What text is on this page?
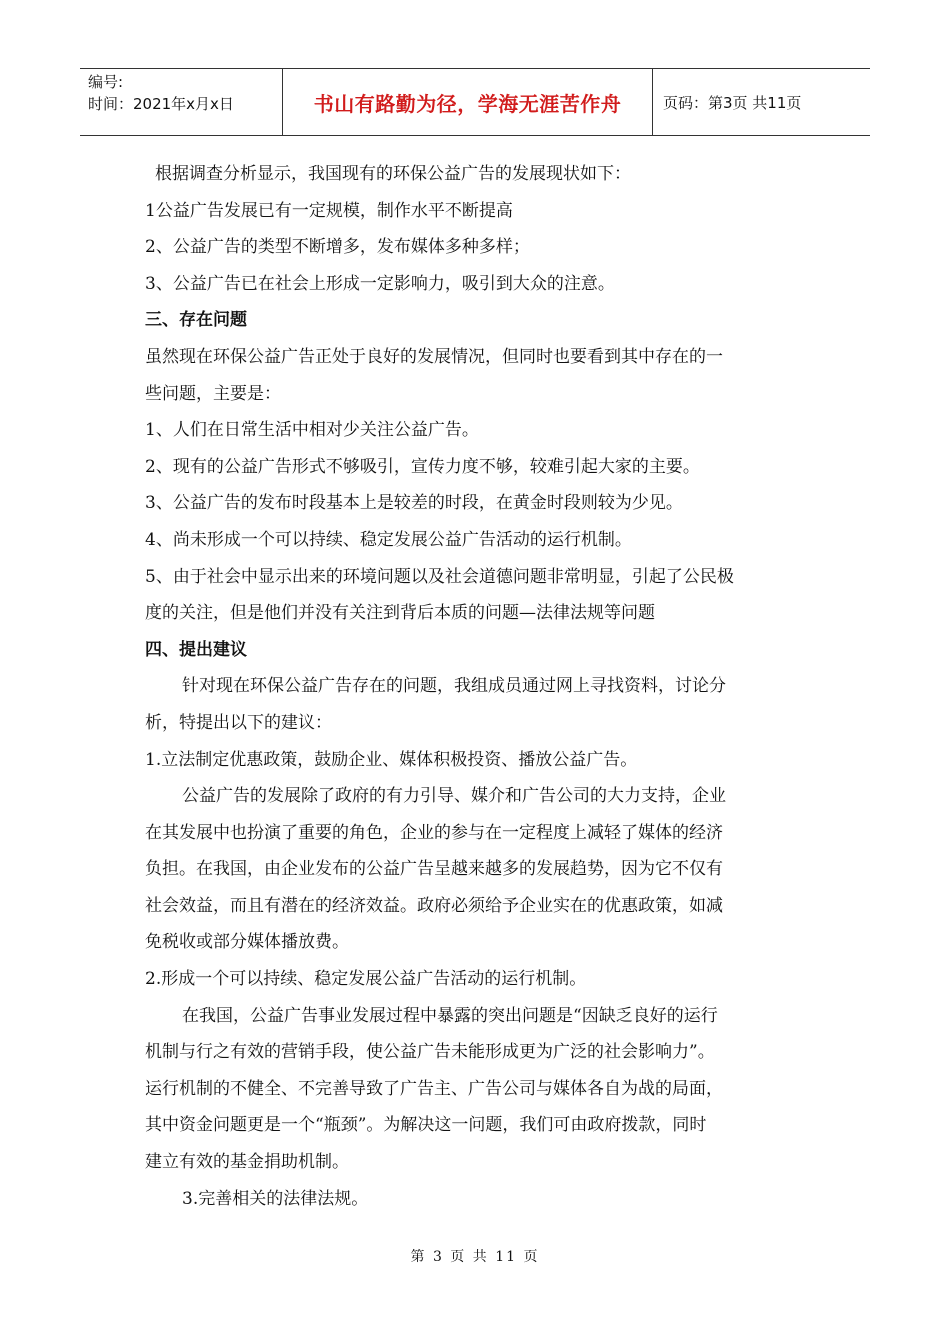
编号:
时间：2021年x月x日	书山有路勤为径，学海无涯苦作舟	页码：第3页 共11页

根据调查分析显示，我国现有的环保公益广告的发展现状如下：

1公益广告发展已有一定规模，制作水平不断提高

2、公益广告的类型不断增多，发布媒体多种多样；

3、公益广告已在社会上形成一定影响力，吸引到大众的注意。

三、存在问题

虽然现在环保公益广告正处于良好的发展情况，但同时也要看到其中存在的一

些问题，主要是：

1、人们在日常生活中相对少关注公益广告。

2、现有的公益广告形式不够吸引，宣传力度不够，较难引起大家的主要。

3、公益广告的发布时段基本上是较差的时段，在黄金时段则较为少见。

4、尚未形成一个可以持续、稳定发展公益广告活动的运行机制。

5、由于社会中显示出来的环境问题以及社会道德问题非常明显，引起了公民极

度的关注，但是他们并没有关注到背后本质的问题—法律法规等问题

四、提出建议

针对现在环保公益广告存在的问题，我组成员通过网上寻找资料，讨论分

析，特提出以下的建议：

1.立法制定优惠政策，鼓励企业、媒体积极投资、播放公益广告。

公益广告的发展除了政府的有力引导、媒介和广告公司的大力支持，企业

在其发展中也扮演了重要的角色，企业的参与在一定程度上减轻了媒体的经济

负担。在我国，由企业发布的公益广告呈越来越多的发展趋势，因为它不仅有

社会效益，而且有潜在的经济效益。政府必须给予企业实在的优惠政策，如减

免税收或部分媒体播放费。

2.形成一个可以持续、稳定发展公益广告活动的运行机制。

在我国，公益广告事业发展过程中暴露的突出问题是“因缺乏良好的运行

机制与行之有效的营销手段，使公益广告未能形成更为广泛的社会影响力”。

运行机制的不健全、不完善导致了广告主、广告公司与媒体各自为战的局面，

其中资金问题更是一个“瓶颈”。为解决这一问题，我们可由政府拨款，同时

建立有效的基金捐助机制。

3.完善相关的法律法规。

第 3 页 共 11 页
